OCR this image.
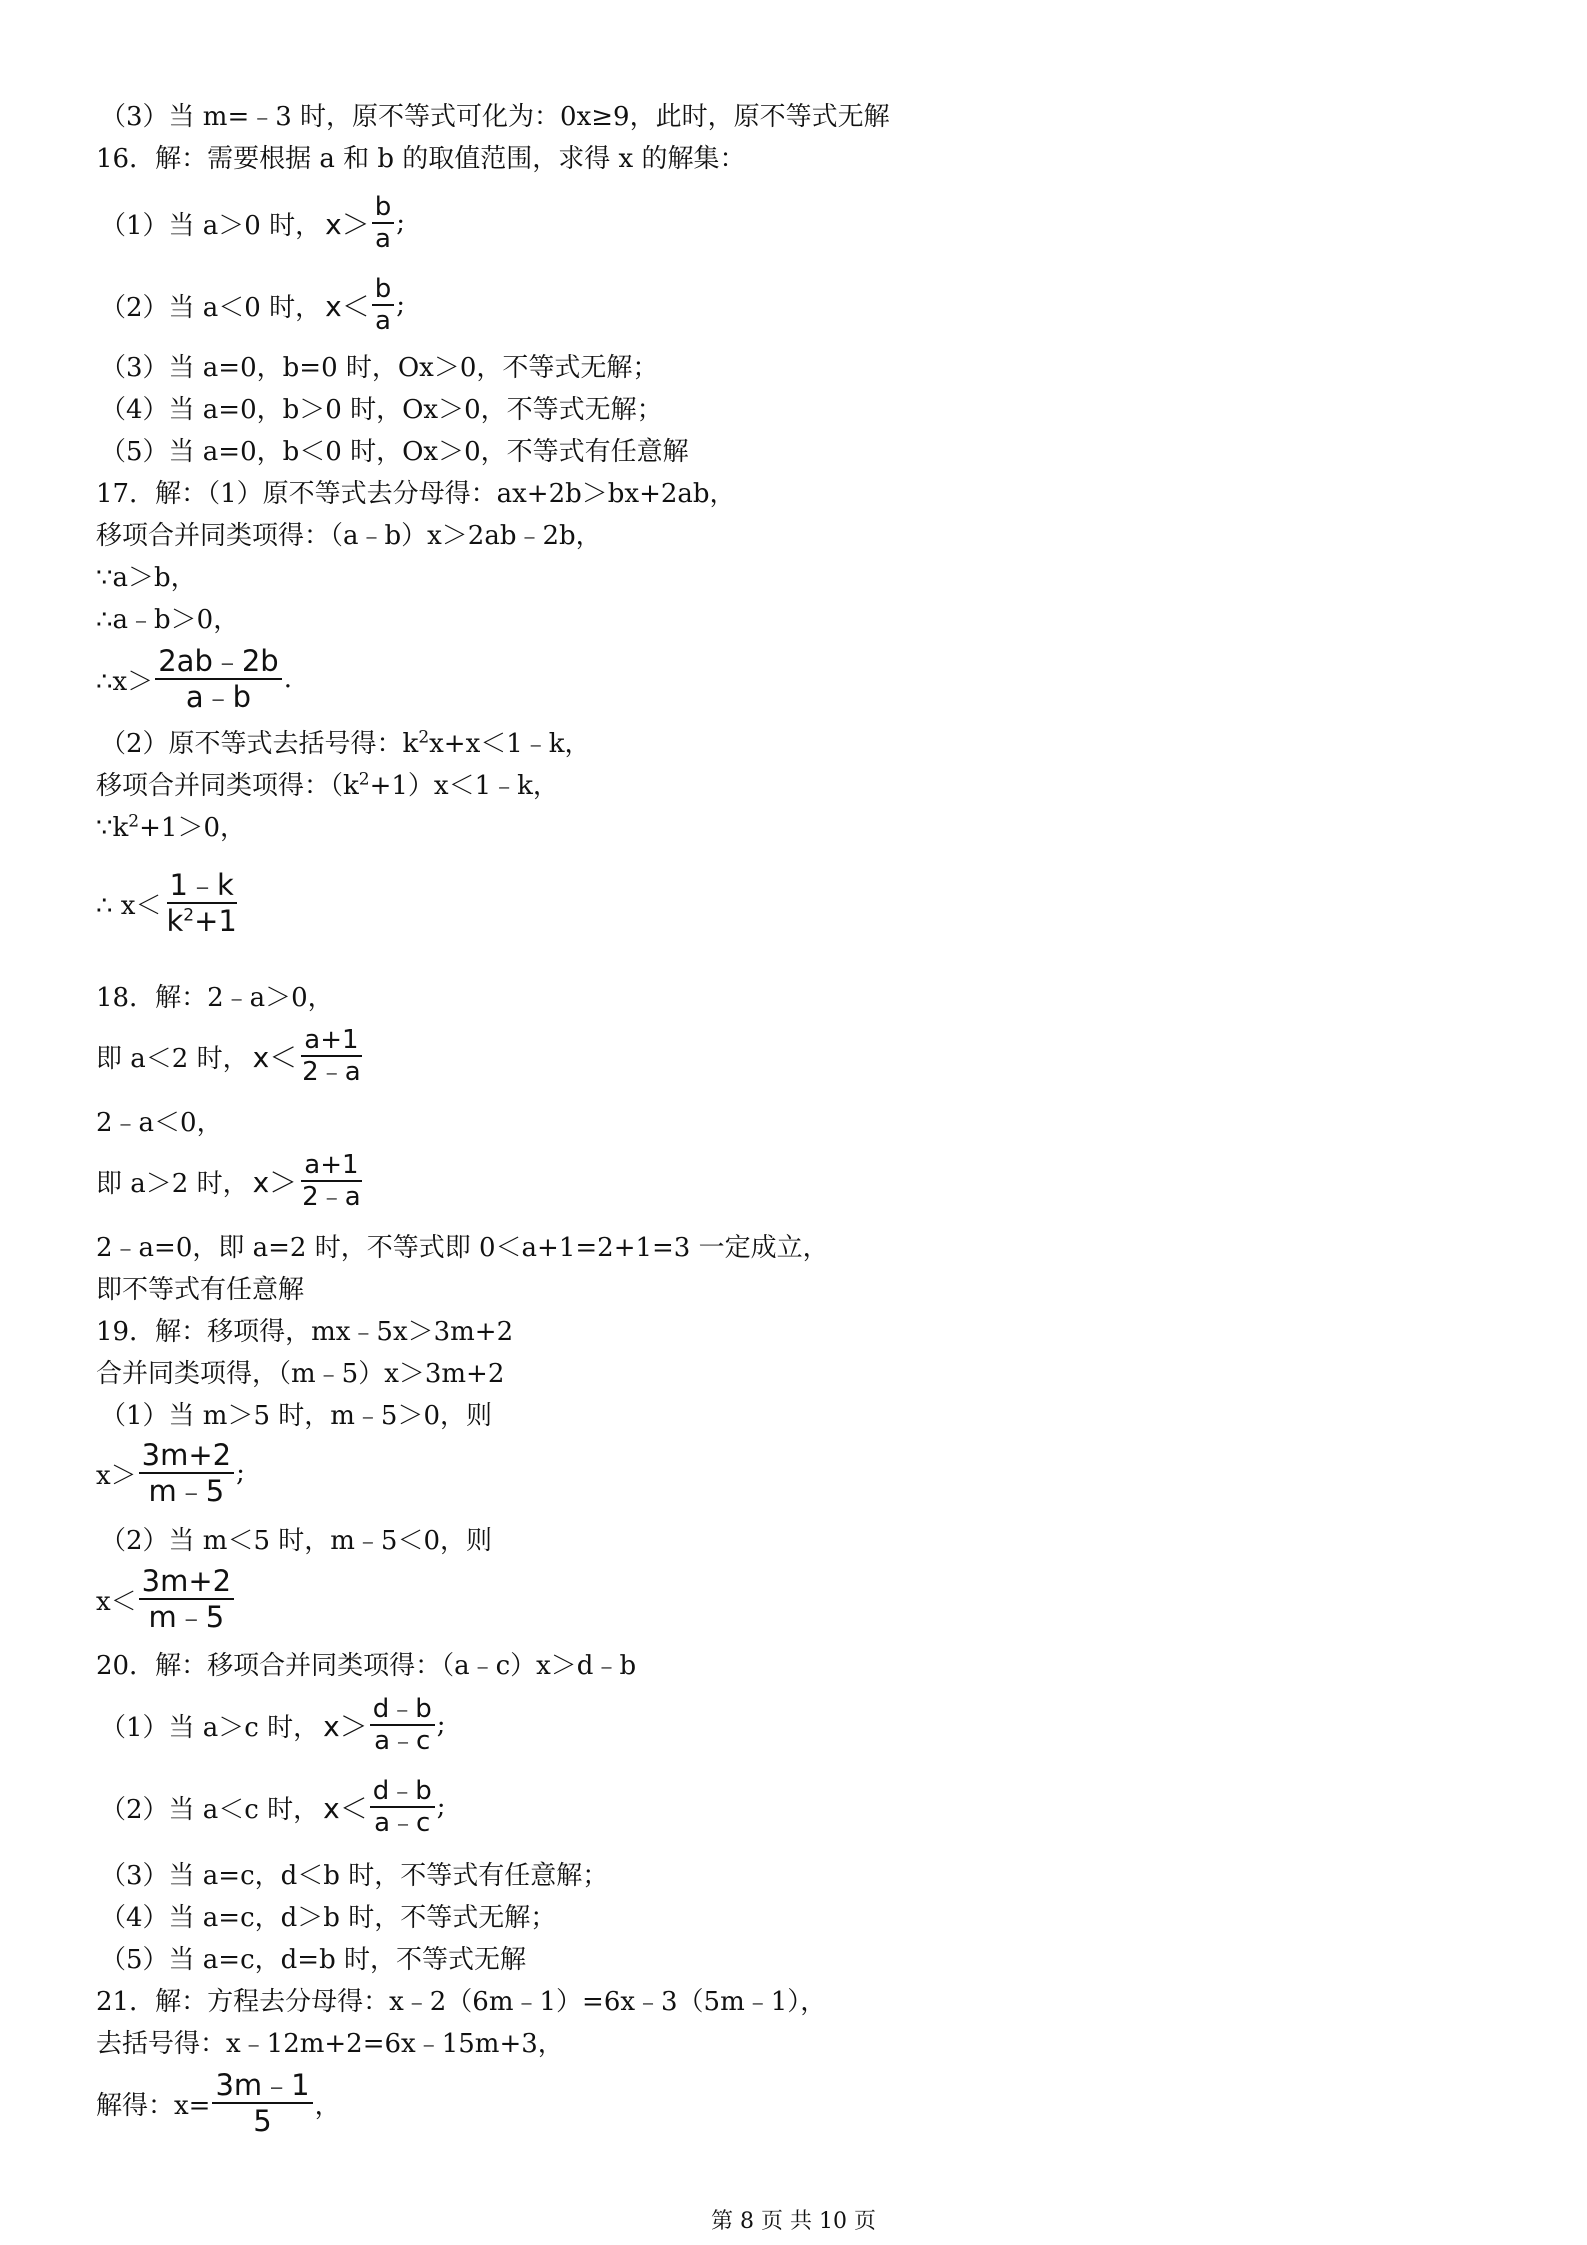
（3）当 m=﹣3 时，原不等式可化为：0x≥9，此时，原不等式无解
16．解：需要根据 a 和 b 的取值范围，求得 x 的解集：
（1）当 a＞0 时， $x> \frac{b}{a}$ ;
（2）当 a＜0 时， $x< \frac{b}{a}$ ;
（3）当 a=0，b=0 时，Ox＞0，不等式无解；
（4）当 a=0，b＞0 时，Ox＞0，不等式无解；
（5）当 a=0，b＜0 时，Ox＞0，不等式有任意解
17．解：（1）原不等式去分母得：ax+2b＞bx+2ab，
移项合并同类项得：（a﹣b）x＞2ab﹣2b，
∵a＞b，
∴a﹣b＞0，
∴x＞ $\frac{2ab﹣2b}{a﹣b}$ .
（2）原不等式去括号得：$k^2x+x<1﹣k$，
移项合并同类项得：$(k^2+1)x<1﹣k$，
$\because k^2+1>0$，
∴ $x< \frac{1﹣k}{k^2+1}$
18．解：2﹣a＞0，
即 a＜2 时， $x< \frac{a+1}{2﹣a}$
2﹣a＜0，
即 a＞2 时， $x> \frac{a+1}{2﹣a}$
2﹣a=0，即 a=2 时，不等式即 0＜a+1=2+1=3 一定成立，
即不等式有任意解
19．解：移项得，mx﹣5x＞3m+2
合并同类项得，（m﹣5）x＞3m+2
（1）当 m＞5 时，m﹣5＞0，则
$x> \frac{3m+2}{m﹣5}$ ;
（2）当 m＜5 时，m﹣5＜0，则
$x< \frac{3m+2}{m﹣5}$
20．解：移项合并同类项得：（a﹣c）x＞d﹣b
（1）当 a＞c 时， $x> \frac{d﹣b}{a﹣c}$ ;
（2）当 a＜c 时， $x< \frac{d﹣b}{a﹣c}$ ;
（3）当 a=c，d＜b 时，不等式有任意解；
（4）当 a=c，d＞b 时，不等式无解；
（5）当 a=c，d=b 时，不等式无解
21．解：方程去分母得：x﹣2（6m﹣1）=6x﹣3（5m﹣1），
去括号得：x﹣12m+2=6x﹣15m+3，
解得：$x= \frac{3m﹣1}{5}$ ，
第 8 页 共 10 页
